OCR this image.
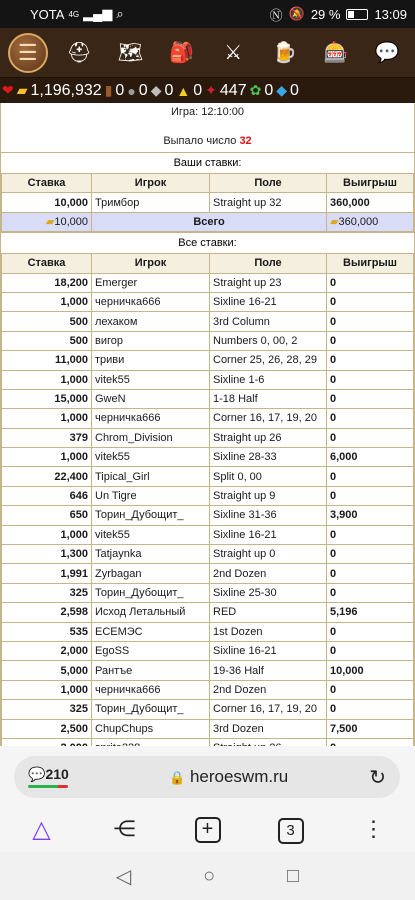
YOTA 4G ▂▄▆ ⌕	Ⓝ 🔕 29 %	13:09
☰ ⛑ 🗺 🎒 ⚔ 🍺 🎰 💬
❤ ▰ 1,196,932 ▮ 0 ● 0 ◆ 0 ▲ 0 ✦ 447 ✿ 0 ◆ 0
Игра: 12:10:00
Выпало число 32
Ваши ставки:
Ставка	Игрок	Поле	Выигрыш
10,000	Тримбор	Straight up 32	360,000
▰10,000	Всего		▰360,000
Все ставки:
Ставка	Игрок	Поле	Выигрыш
18,200	Emerger	Straight up 23	0
1,000	черничка666	Sixline 16-21	0
500	лехаком	3rd Column	0
500	вигор	Numbers 0, 00, 2	0
11,000	триви	Corner 25, 26, 28, 29	0
1,000	vitek55	Sixline 1-6	0
15,000	GweN	1-18 Half	0
1,000	черничка666	Corner 16, 17, 19, 20	0
379	Chrom_Division	Straight up 26	0
1,000	vitek55	Sixline 28-33	6,000
22,400	Tipical_Girl	Split 0, 00	0
646	Un Tigre	Straight up 9	0
650	Торин_Дубощит_	Sixline 31-36	3,900
1,000	vitek55	Sixline 16-21	0
1,300	Tatjaynka	Straight up 0	0
1,991	Zyrbagan	2nd Dozen	0
325	Торин_Дубощит_	Sixline 25-30	0
2,598	Исход Летальный	RED	5,196
535	ECEMЭС	1st Dozen	0
2,000	EgoSS	Sixline 16-21	0
5,000	Рантъе	19-36 Half	10,000
1,000	черничка666	2nd Dozen	0
325	Торин_Дубощит_	Corner 16, 17, 19, 20	0
2,500	ChupChups	3rd Dozen	7,500

💬210	🔒 heroeswm.ru	↻
△	⋲	+	3	⋮
◁	○	□
